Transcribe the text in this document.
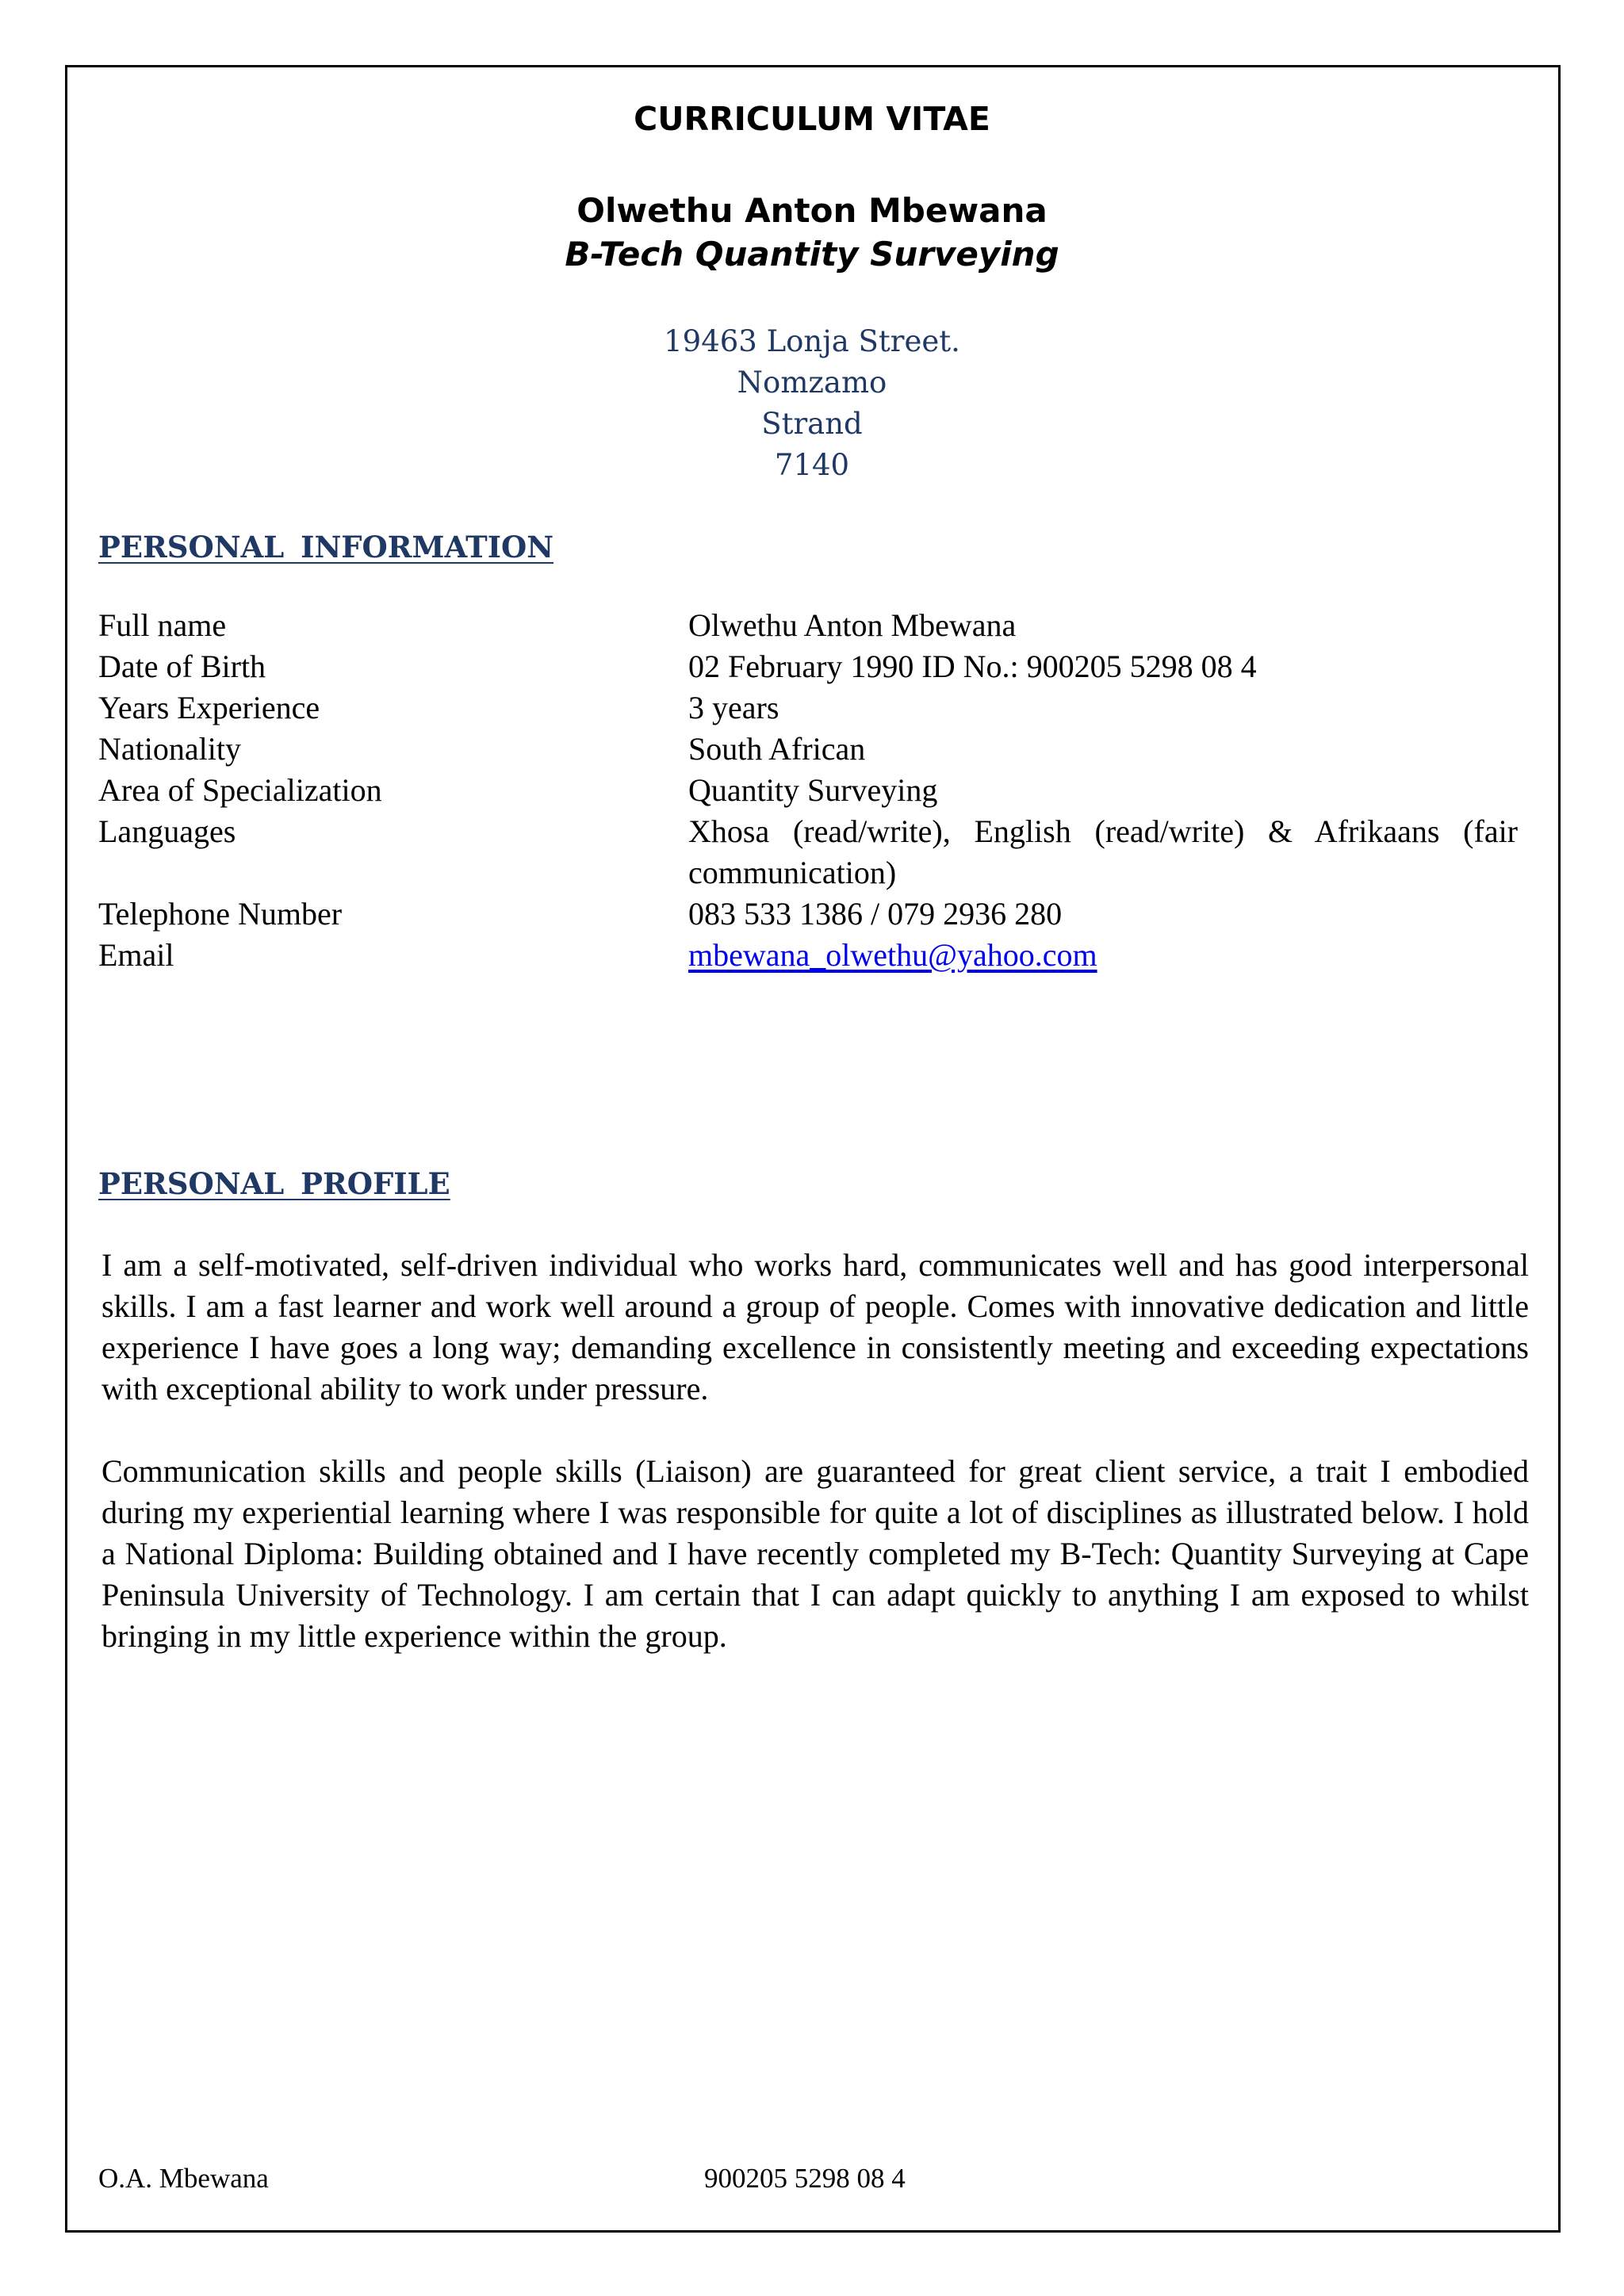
CURRICULUM VITAE
Olwethu Anton Mbewana
B-Tech Quantity Surveying
19463 Lonja Street.
Nomzamo
Strand
7140
PERSONAL INFORMATION
Full name	Olwethu Anton Mbewana
Date of Birth	02 February 1990 ID No.: 900205 5298 08 4
Years Experience	3 years
Nationality	South African
Area of Specialization	Quantity Surveying
Languages	Xhosa (read/write), English (read/write) & Afrikaans (fair communication)
Telephone Number	083 533 1386 / 079 2936 280
Email	mbewana_olwethu@yahoo.com
PERSONAL PROFILE

I am a self-motivated, self-driven individual who works hard, communicates well and has good interpersonal skills. I am a fast learner and work well around a group of people. Comes with innovative dedication and little experience I have goes a long way; demanding excellence in consistently meeting and exceeding expectations with exceptional ability to work under pressure.

Communication skills and people skills (Liaison) are guaranteed for great client service, a trait I embodied during my experiential learning where I was responsible for quite a lot of disciplines as illustrated below. I hold a National Diploma: Building obtained and I have recently completed my B-Tech: Quantity Surveying at Cape Peninsula University of Technology. I am certain that I can adapt quickly to anything I am exposed to whilst bringing in my little experience within the group.

O.A. Mbewana	900205 5298 08 4
